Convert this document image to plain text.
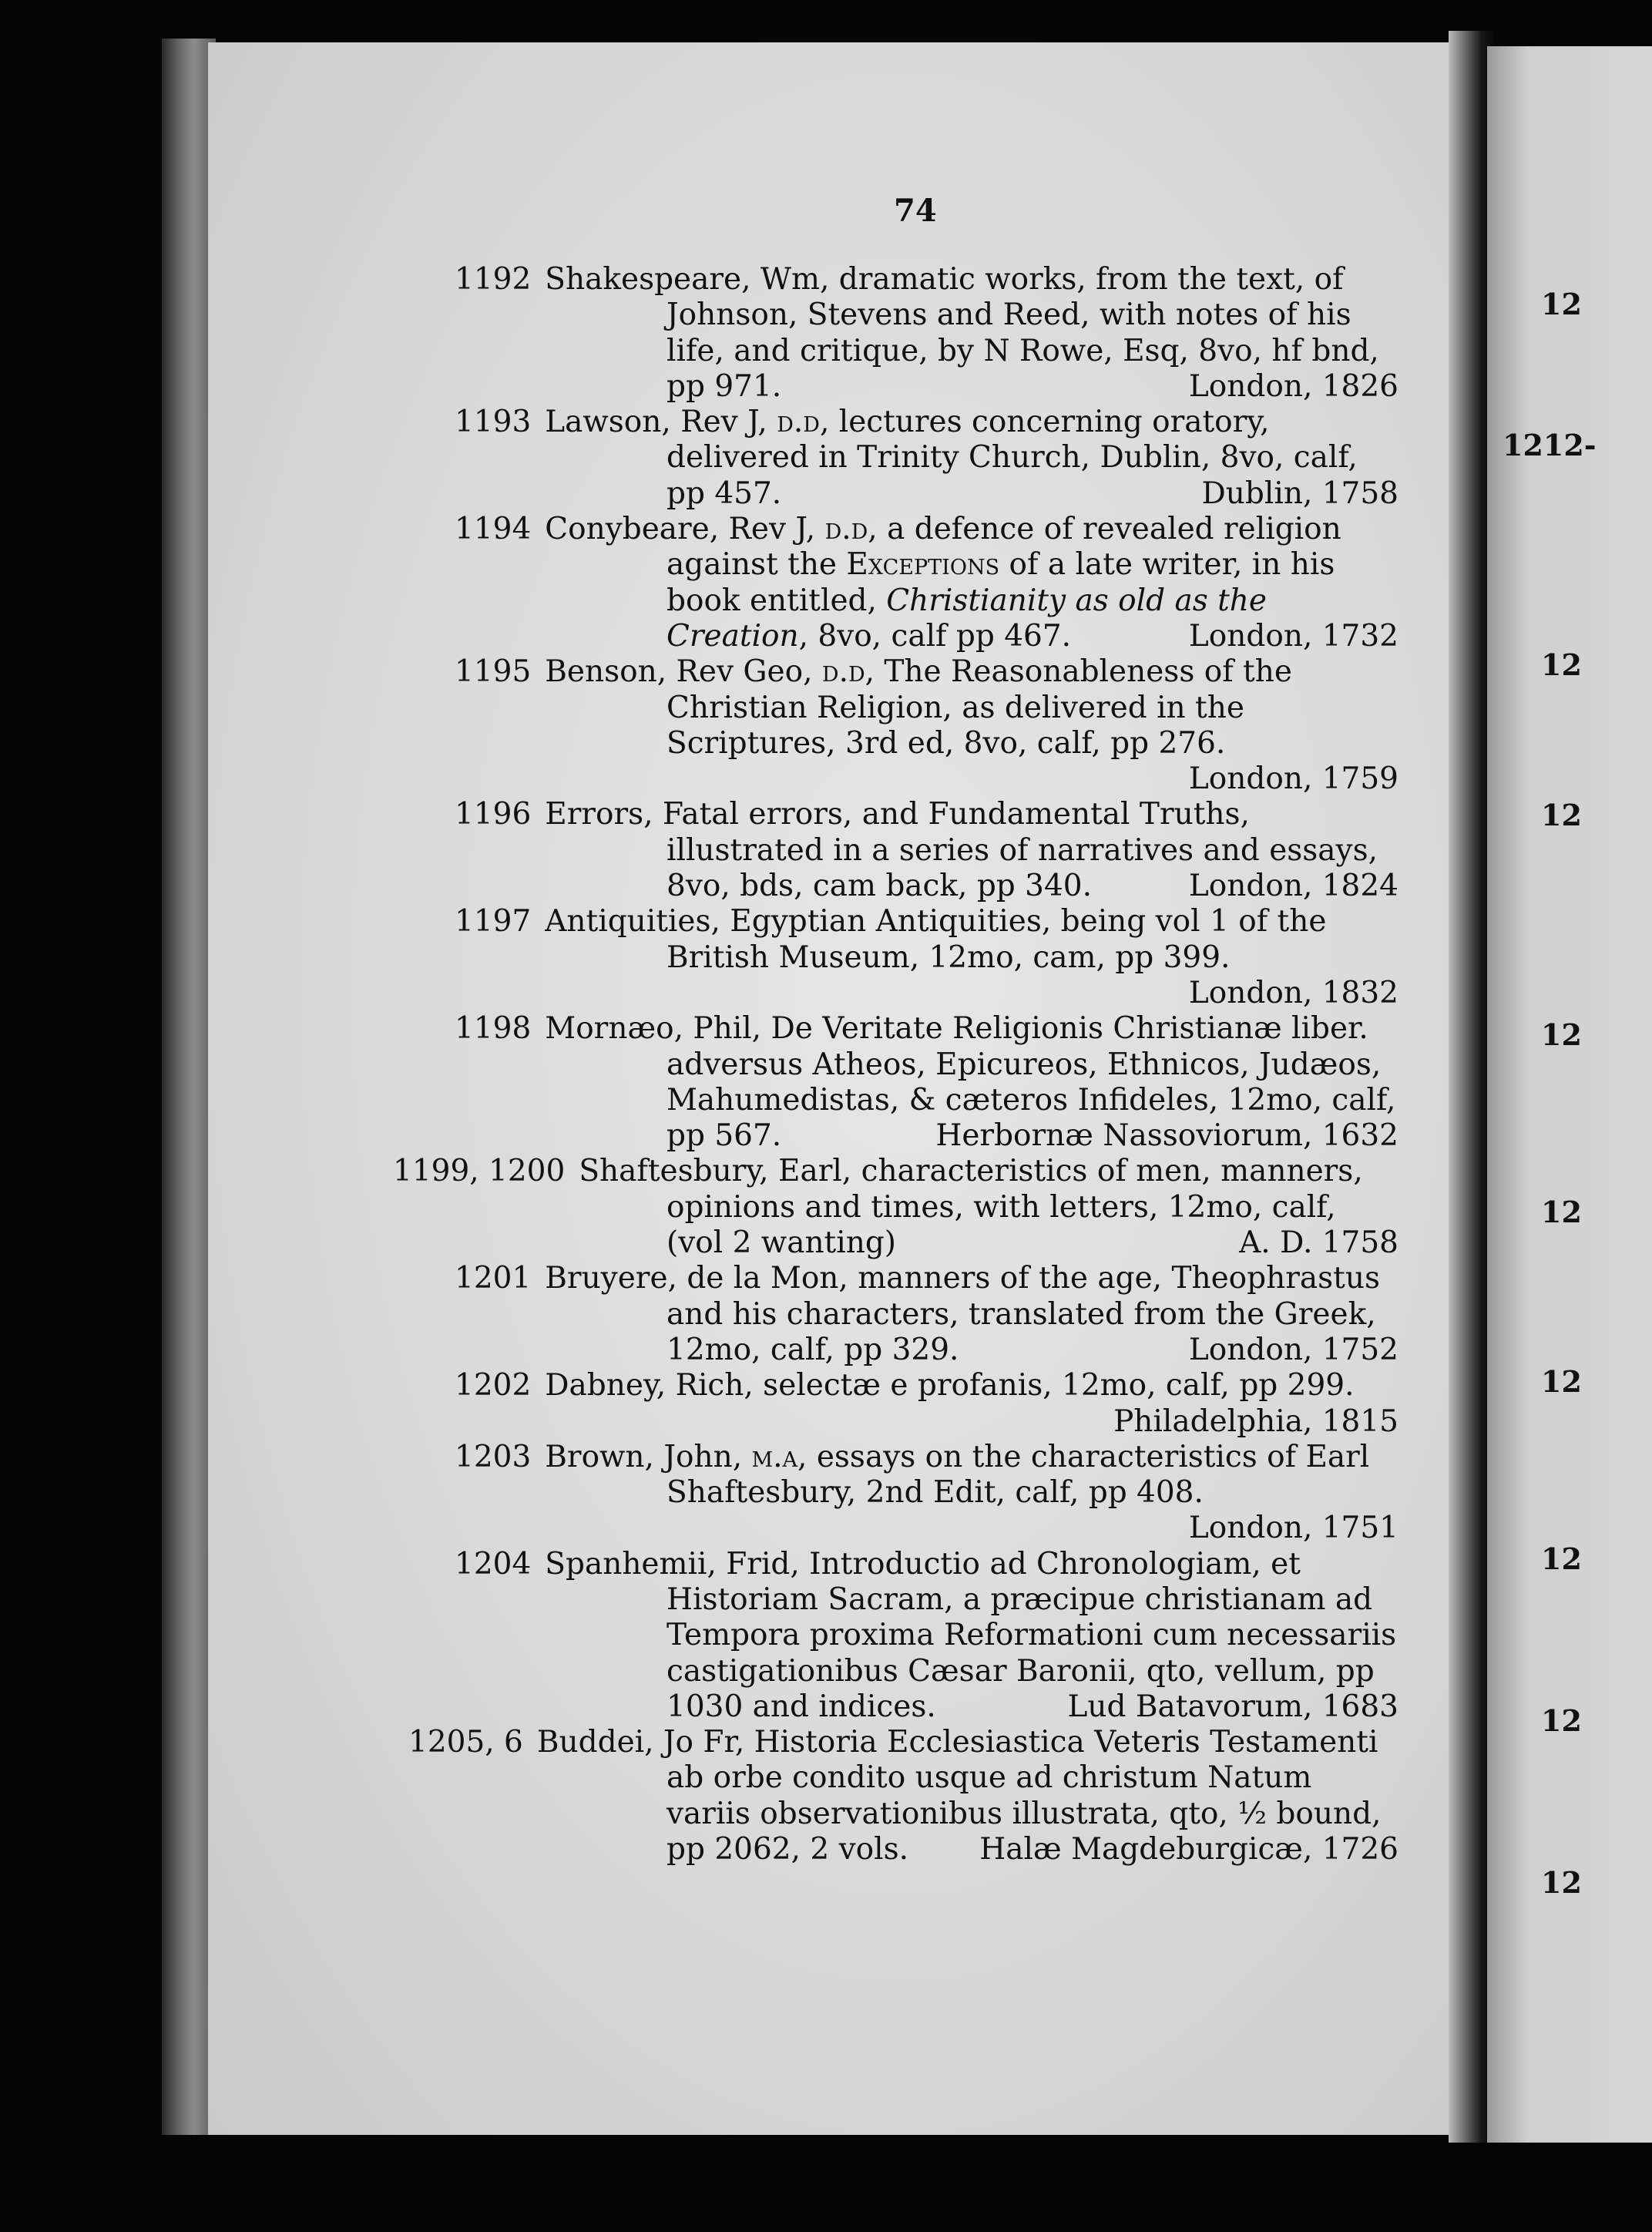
12
1212-
12
12
12
12
12
12
12
12
74
1192 Shakespeare, Wm, dramatic works, from the text, of Johnson, Stevens and Reed, with notes of his life, and critique, by N Rowe, Esq, 8vo, hf bnd, pp 971.	London, 1826
1193 Lawson, Rev J, d.d, lectures concerning oratory, delivered in Trinity Church, Dublin, 8vo, calf, pp 457.	Dublin, 1758
1194 Conybeare, Rev J, d.d, a defence of revealed religion against the Exceptions of a late writer, in his book entitled, Christianity as old as the Creation, 8vo, calf pp 467.	London, 1732
1195 Benson, Rev Geo, d.d, The Reasonableness of the Christian Religion, as delivered in the Scriptures, 3rd ed, 8vo, calf, pp 276.
London, 1759
1196 Errors, Fatal errors, and Fundamental Truths, illustrated in a series of narratives and essays, 8vo, bds, cam back, pp 340.	London, 1824
1197 Antiquities, Egyptian Antiquities, being vol 1 of the British Museum, 12mo, cam, pp 399.
London, 1832
1198 Mornæo, Phil, De Veritate Religionis Christianæ liber. adversus Atheos, Epicureos, Ethnicos, Judæos, Mahumedistas, & cæteros Infideles, 12mo, calf, pp 567.	Herbornæ Nassoviorum, 1632
1199, 1200 Shaftesbury, Earl, characteristics of men, manners, opinions and times, with letters, 12mo, calf, (vol 2 wanting)	A. D. 1758
1201 Bruyere, de la Mon, manners of the age, Theophrastus and his characters, translated from the Greek, 12mo, calf, pp 329.	London, 1752
1202 Dabney, Rich, selectæ e profanis, 12mo, calf, pp 299.
Philadelphia, 1815
1203 Brown, John, m.a, essays on the characteristics of Earl Shaftesbury, 2nd Edit, calf, pp 408.
London, 1751
1204 Spanhemii, Frid, Introductio ad Chronologiam, et Historiam Sacram, a præcipue christianam ad Tempora proxima Reformationi cum necessariis castigationibus Cæsar Baronii, qto, vellum, pp 1030 and indices.	Lud Batavorum, 1683
1205, 6 Buddei, Jo Fr, Historia Ecclesiastica Veteris Testamenti ab orbe condito usque ad christum Natum variis observationibus illustrata, qto, ½ bound, pp 2062, 2 vols.	Halæ Magdeburgicæ, 1726
